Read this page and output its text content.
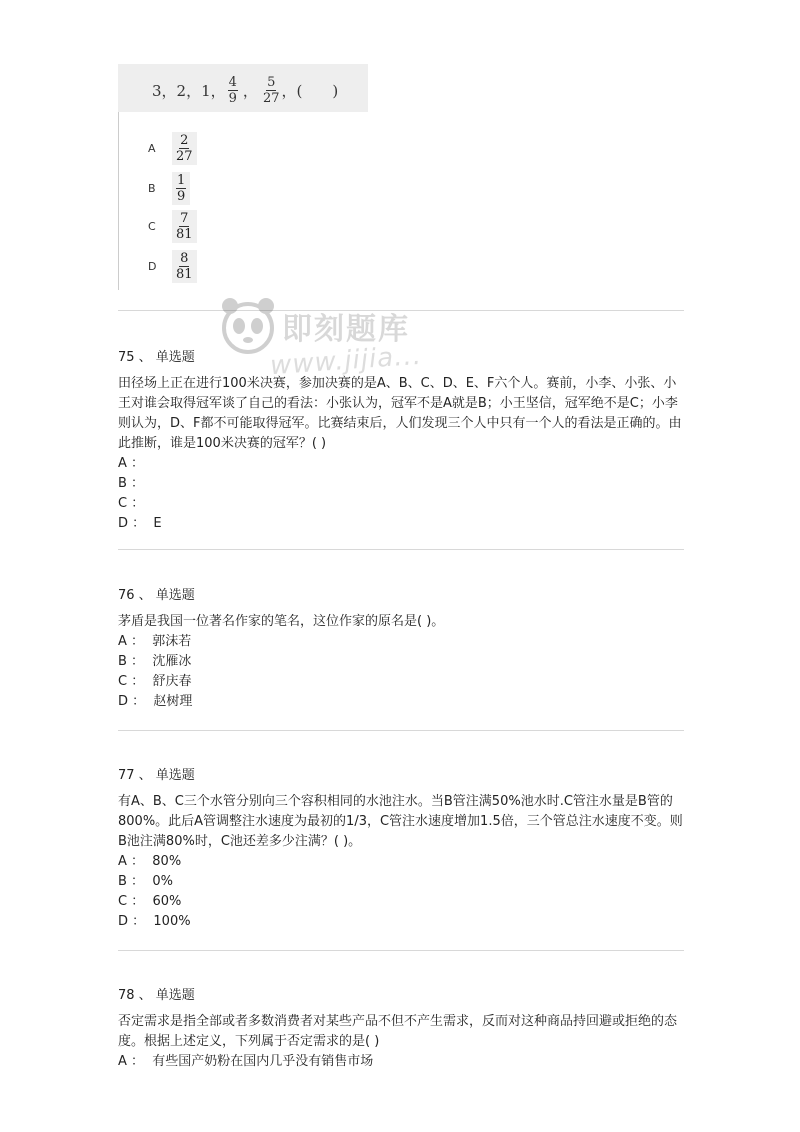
3，2，1， $\frac{4}{9}$ ， $\frac{5}{27}$ ，(　　)
A	$\frac{2}{27}$
B	$\frac{1}{9}$
C	$\frac{7}{81}$
D	$\frac{8}{81}$
即刻题库
www.jijia...
75 、 单选题

田径场上正在进行100米决赛，参加决赛的是A、B、C、D、E、F六个人。赛前，小李、小张、小王对谁会取得冠军谈了自己的看法：小张认为，冠军不是A就是B；小王坚信，冠军绝不是C；小李则认为，D、F都不可能取得冠军。比赛结束后，人们发现三个人中只有一个人的看法是正确的。由此推断，谁是100米决赛的冠军？( )

A ：
B ：
C ：
D ：  E
76 、 单选题

茅盾是我国一位著名作家的笔名，这位作家的原名是( )。

A ：  郭沫若
B ：  沈雁冰
C ：  舒庆春
D ：  赵树理
77 、 单选题

有A、B、C三个水管分别向三个容积相同的水池注水。当B管注满50%池水时.C管注水量是B管的800%。此后A管调整注水速度为最初的1/3，C管注水速度增加1.5倍，三个管总注水速度不变。则B池注满80%时，C池还差多少注满？( )。

A ：  80%
B ：  0%
C ：  60%
D ：  100%
78 、 单选题

否定需求是指全部或者多数消费者对某些产品不但不产生需求，反而对这种商品持回避或拒绝的态度。根据上述定义，下列属于否定需求的是( )

A ：  有些国产奶粉在国内几乎没有销售市场
